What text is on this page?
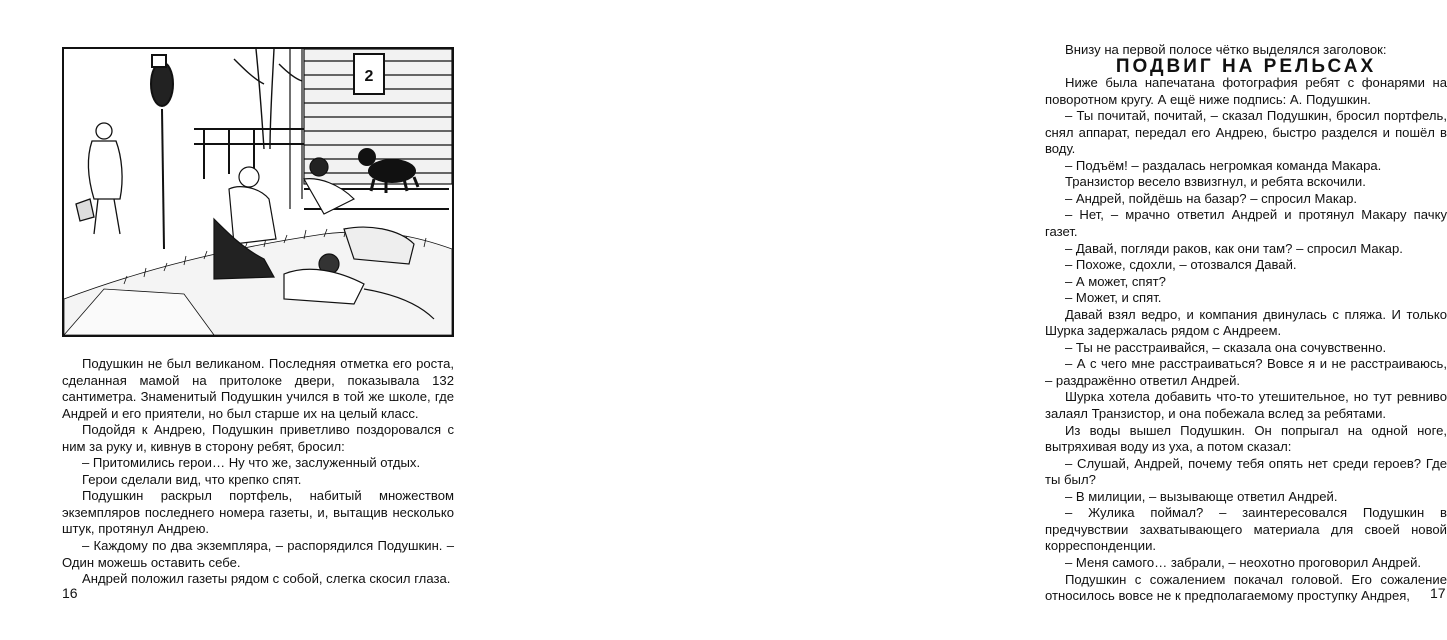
2

Подушкин не был великаном. Последняя отметка его роста, сделанная мамой на притолоке двери, показывала 132 сантиметра. Знаменитый Подушкин учился в той же школе, где Андрей и его приятели, но был старше их на целый класс.

Подойдя к Андрею, Подушкин приветливо поздоровался с ним за руку и, кивнув в сторону ребят, бросил:

– Притомились герои… Ну что же, заслуженный отдых.

Герои сделали вид, что крепко спят.

Подушкин раскрыл портфель, набитый множеством экземпляров последнего номера газеты, и, вытащив несколько штук, протянул Андрею.

– Каждому по два экземпляра, – распорядился Подушкин. – Один можешь оставить себе.

Андрей положил газеты рядом с собой, слегка скосил глаза.

16

Внизу на первой полосе чётко выделялся заголовок:

ПОДВИГ НА РЕЛЬСАХ

Ниже была напечатана фотография ребят с фонарями на поворотном кругу. А ещё ниже подпись: А. Подушкин.

– Ты почитай, почитай, – сказал Подушкин, бросил портфель, снял аппарат, передал его Андрею, быстро разделся и пошёл в воду.

– Подъём! – раздалась негромкая команда Макара.

Транзистор весело взвизгнул, и ребята вскочили.

– Андрей, пойдёшь на базар? – спросил Макар.

– Нет, – мрачно ответил Андрей и протянул Макару пачку газет.

– Давай, погляди раков, как они там? – спросил Макар.

– Похоже, сдохли, – отозвался Давай.

– А может, спят?

– Может, и спят.

Давай взял ведро, и компания двинулась с пляжа. И только Шурка задержалась рядом с Андреем.

– Ты не расстраивайся, – сказала она сочувственно.

– А с чего мне расстраиваться? Вовсе я и не расстраиваюсь, – раздражённо ответил Андрей.

Шурка хотела добавить что-то утешительное, но тут ревниво залаял Транзистор, и она побежала вслед за ребятами.

Из воды вышел Подушкин. Он попрыгал на одной ноге, вытряхивая воду из уха, а потом сказал:

– Слушай, Андрей, почему тебя опять нет среди героев? Где ты был?

– В милиции, – вызывающе ответил Андрей.

– Жулика поймал? – заинтересовался Подушкин в предчувствии захватывающего материала для своей новой корреспонденции.

– Меня самого… забрали, – неохотно проговорил Андрей.

Подушкин с сожалением покачал головой. Его сожаление относилось вовсе не к предполагаемому проступку Андрея,	17
